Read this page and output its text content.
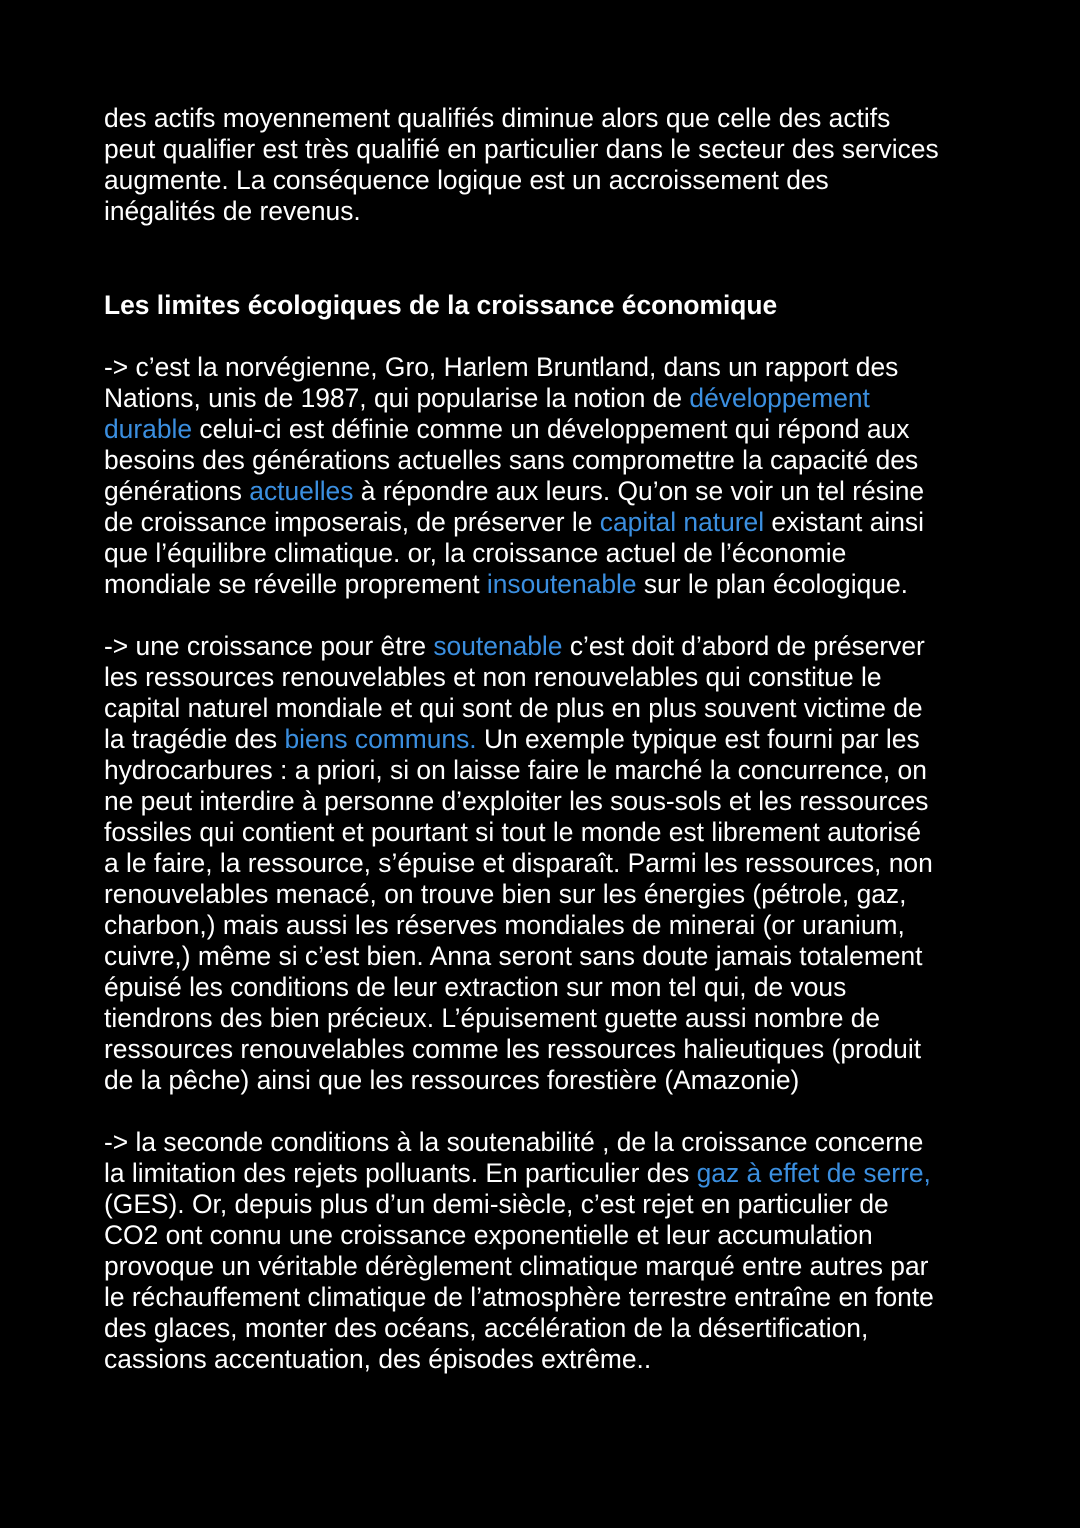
des actifs moyennement qualifiés diminue alors que celle des actifs
peut qualifier est très qualifié en particulier dans le secteur des services
augmente. La conséquence logique est un accroissement des
inégalités de revenus.
Les limites écologiques de la croissance économique
-> c’est la norvégienne, Gro, Harlem Bruntland, dans un rapport des
Nations, unis de 1987, qui popularise la notion de développement
durable celui-ci est définie comme un développement qui répond aux
besoins des générations actuelles sans compromettre la capacité des
générations actuelles à répondre aux leurs. Qu’on se voir un tel résine
de croissance imposerais, de préserver le capital naturel existant ainsi
que l’équilibre climatique. or, la croissance actuel de l’économie
mondiale se réveille proprement insoutenable sur le plan écologique.
-> une croissance pour être soutenable c’est doit d’abord de préserver
les ressources renouvelables et non renouvelables qui constitue le
capital naturel mondiale et qui sont de plus en plus souvent victime de
la tragédie des biens communs. Un exemple typique est fourni par les
hydrocarbures : a priori, si on laisse faire le marché la concurrence, on
ne peut interdire à personne d’exploiter les sous-sols et les ressources
fossiles qui contient et pourtant si tout le monde est librement autorisé
a le faire, la ressource, s’épuise et disparaît. Parmi les ressources, non
renouvelables menacé, on trouve bien sur les énergies (pétrole, gaz,
charbon,) mais aussi les réserves mondiales de minerai (or uranium,
cuivre,) même si c’est bien. Anna seront sans doute jamais totalement
épuisé les conditions de leur extraction sur mon tel qui, de vous
tiendrons des bien précieux. L’épuisement guette aussi nombre de
ressources renouvelables comme les ressources halieutiques (produit
de la pêche) ainsi que les ressources forestière (Amazonie)
-> la seconde conditions à la soutenabilité , de la croissance concerne
la limitation des rejets polluants. En particulier des gaz à effet de serre,
(GES). Or, depuis plus d’un demi-siècle, c’est rejet en particulier de
CO2 ont connu une croissance exponentielle et leur accumulation
provoque un véritable dérèglement climatique marqué entre autres par
le réchauffement climatique de l’atmosphère terrestre entraîne en fonte
des glaces, monter des océans, accélération de la désertification,
cassions accentuation, des épisodes extrême..
